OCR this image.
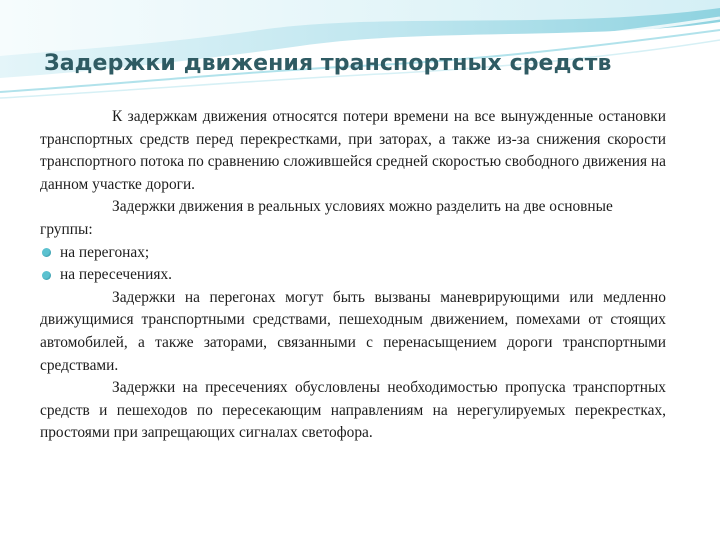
Задержки движения транспортных средств

К задержкам движения относятся потери времени на все вынужденные остановки транспортных средств перед перекрестками, при заторах, а также из-за снижения скорости транспортного потока по сравнению сложившейся средней скоростью свободного движения на данном участке дороги.

Задержки движения в реальных условиях можно разделить на две основные группы:

на перегонах;
на пересечениях.

Задержки на перегонах могут быть вызваны маневрирующими или медленно движущимися транспортными средствами, пешеходным движением, помехами от стоящих автомобилей, а также заторами, связанными с перенасыщением дороги транспортными средствами.

Задержки на пресечениях обусловлены необходимостью пропуска транспортных средств и пешеходов по пересекающим направлениям на нерегулируемых перекрестках, простоями при запрещающих сигналах светофора.
